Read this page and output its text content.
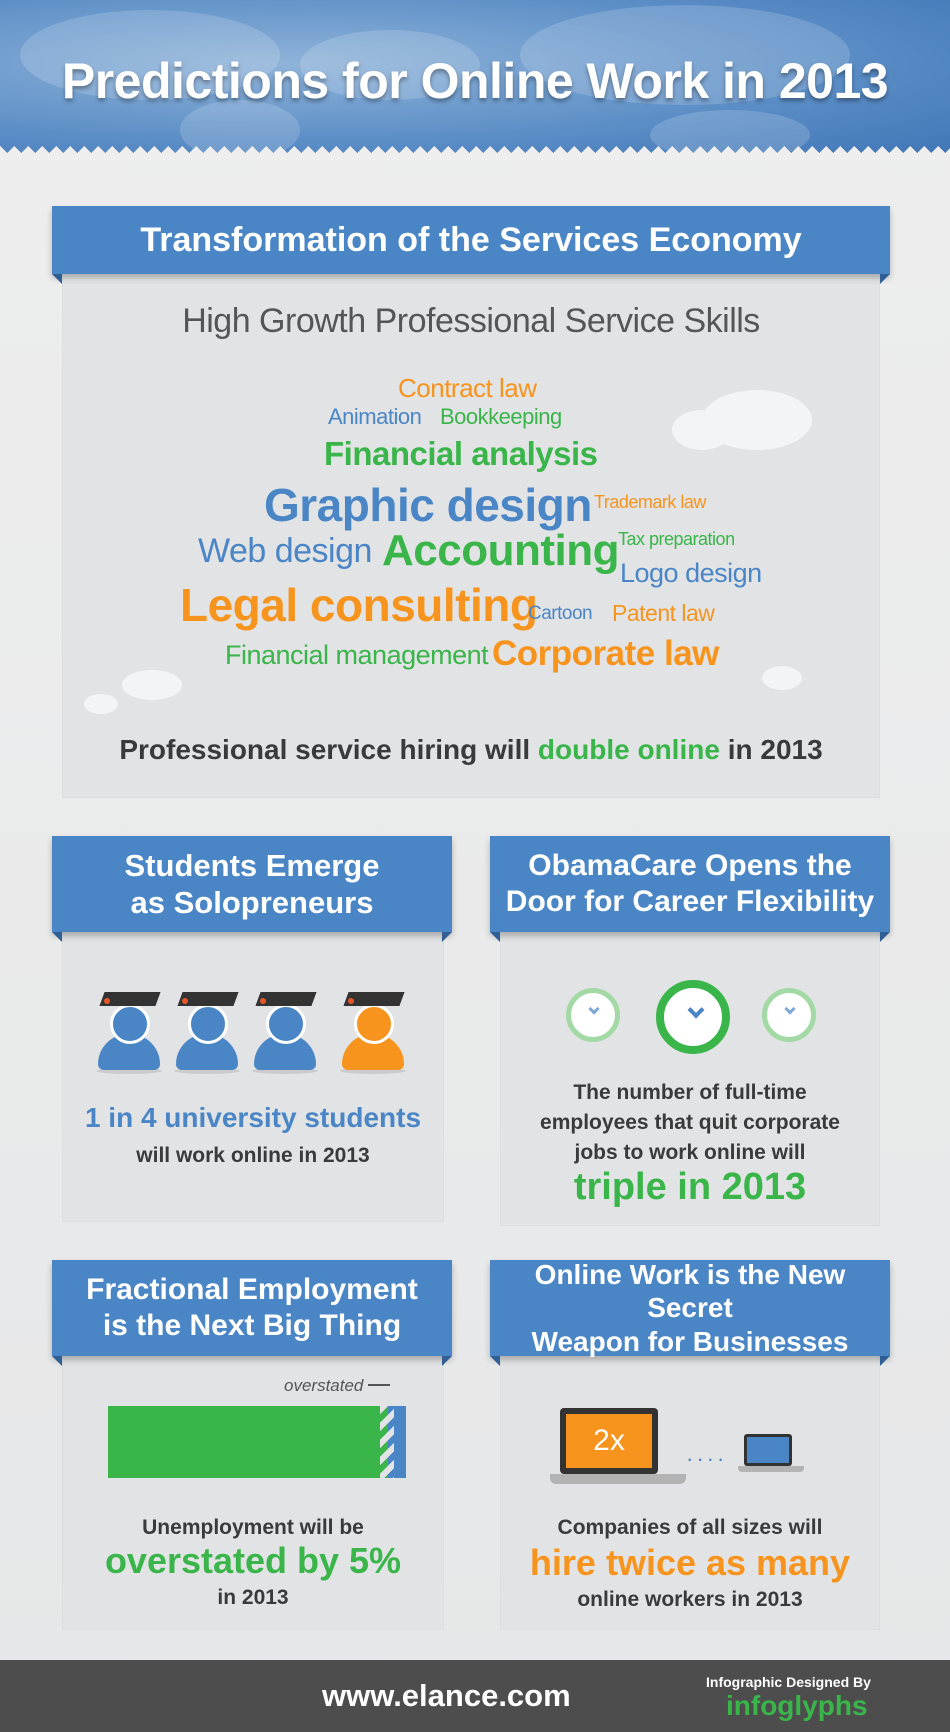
Predictions for Online Work in 2013
High Growth Professional Service Skills
Contract law
Animation Bookkeeping
Financial analysis
Graphic design Trademark law
Web design Accounting Tax preparation
Logo design
Legal consulting
Cartoon Patent law
Financial management Corporate law
Professional service hiring will double online in 2013
Transformation of the Services Economy
1 in 4 university students
will work online in 2013
Students Emerge
as Solopreneurs
The number of full-time
employees that quit corporate
jobs to work online will
triple in 2013
ObamaCare Opens the
Door for Career Flexibility
overstated
Unemployment will be
overstated by 5%
in 2013
Fractional Employment
is the Next Big Thing
2x
····
Companies of all sizes will
hire twice as many
online workers in 2013
Online Work is the New Secret
Weapon for Businesses
www.elance.com	Infographic Designed By
infoglyphs
